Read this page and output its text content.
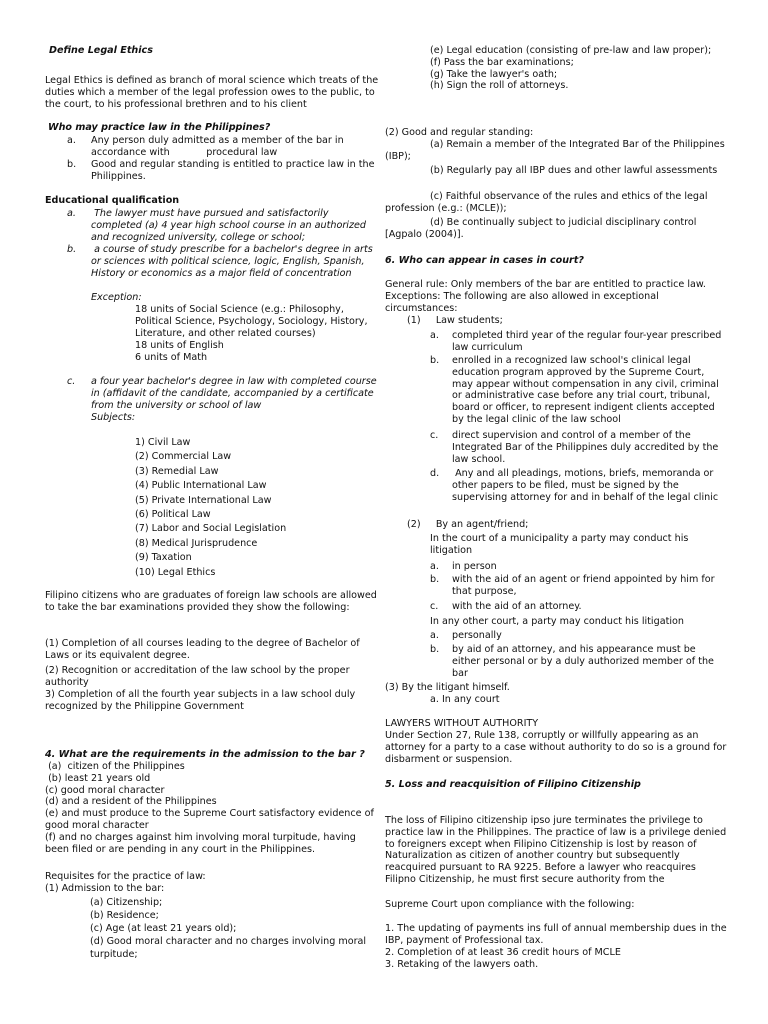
Define Legal Ethics

Legal Ethics is defined as branch of moral science which treats of the duties which a member of the legal profession owes to the public, to the court, to his professional brethren and to his client

Who may practice law in the Philippines?

a.	Any person duly admitted as a member of the bar in accordance with            procedural law
b.	Good and regular standing is entitled to practice law in the Philippines.

Educational qualification

a.	The lawyer must have pursued and satisfactorily completed (a) 4 year high school course in an authorized and recognized university, college or school;
b.	a course of study prescribe for a bachelor's degree in arts or sciences with political science, logic, English, Spanish, History or economics as a major field of concentration

Exception:

18 units of Social Science (e.g.: Philosophy, Political Science, Psychology, Sociology, History, Literature, and other related courses)

18 units of English

6 units of Math

c.	a four year bachelor's degree in law with completed course in (affidavit of the candidate, accompanied by a certificate from the university or school of law

Subjects:

1) Civil Law

(2) Commercial Law

(3) Remedial Law

(4) Public International Law

(5) Private International Law

(6) Political Law

(7) Labor and Social Legislation

(8) Medical Jurisprudence

(9) Taxation

(10) Legal Ethics

Filipino citizens who are graduates of foreign law schools are allowed to take the bar examinations provided they show the following:

(1) Completion of all courses leading to the degree of Bachelor of Laws or its equivalent degree.

(2) Recognition or accreditation of the law school by the proper authority

3) Completion of all the fourth year subjects in a law school duly recognized by the Philippine Government

4. What are the requirements in the admission to the bar ?

(a)  citizen of the Philippines

(b) least 21 years old

(c) good moral character

(d) and a resident of the Philippines

(e) and must produce to the Supreme Court satisfactory evidence of good moral character

(f) and no charges against him involving moral turpitude, having been filed or are pending in any court in the Philippines.

Requisites for the practice of law:

(1) Admission to the bar:

(a) Citizenship;

(b) Residence;

(c) Age (at least 21 years old);

(d) Good moral character and no charges involving moral turpitude;

(e) Legal education (consisting of pre-law and law proper);

(f) Pass the bar examinations;

(g) Take the lawyer's oath;

(h) Sign the roll of attorneys.

(2) Good and regular standing:

(a) Remain a member of the Integrated Bar of the Philippines (IBP);

(b) Regularly pay all IBP dues and other lawful assessments

(c) Faithful observance of the rules and ethics of the legal profession (e.g.: (MCLE));

(d) Be continually subject to judicial disciplinary control [Agpalo (2004)].

6. Who can appear in cases in court?

General rule: Only members of the bar are entitled to practice law. Exceptions: The following are also allowed in exceptional circumstances:

(1)     Law students;

a.	completed third year of the regular four-year prescribed law curriculum
b.	enrolled in a recognized law school's clinical legal education program approved by the Supreme Court, may appear without compensation in any civil, criminal or administrative case before any trial court, tribunal, board or officer, to represent indigent clients accepted by the legal clinic of the law school
c.	direct supervision and control of a member of the Integrated Bar of the Philippines duly accredited by the law school.
d.	Any and all pleadings, motions, briefs, memoranda or other papers to be filed, must be signed by the supervising attorney for and in behalf of the legal clinic

(2)     By an agent/friend;

In the court of a municipality a party may conduct his litigation

a.	in person
b.	with the aid of an agent or friend appointed by him for that purpose,
c.	with the aid of an attorney.

In any other court, a party may conduct his litigation

a.	personally
b.	by aid of an attorney, and his appearance must be either personal or by a duly authorized member of the bar

(3) By the litigant himself.

a. In any court

LAWYERS WITHOUT AUTHORITY

Under Section 27, Rule 138, corruptly or willfully appearing as an attorney for a party to a case without authority to do so is a ground for disbarment or suspension.

5. Loss and reacquisition of Filipino Citizenship

The loss of Filipino citizenship ipso jure terminates the privilege to practice law in the Philippines. The practice of law is a privilege denied to foreigners except when Filipino Citizenship is lost by reason of Naturalization as citizen of another country but subsequently reacquired pursuant to RA 9225. Before a lawyer who reacquires Filipno Citizenship, he must first secure authority from the

Supreme Court upon compliance with the following:

1. The updating of payments ins full of annual membership dues in the IBP, payment of Professional tax.

2. Completion of at least 36 credit hours of MCLE

3. Retaking of the lawyers oath.
